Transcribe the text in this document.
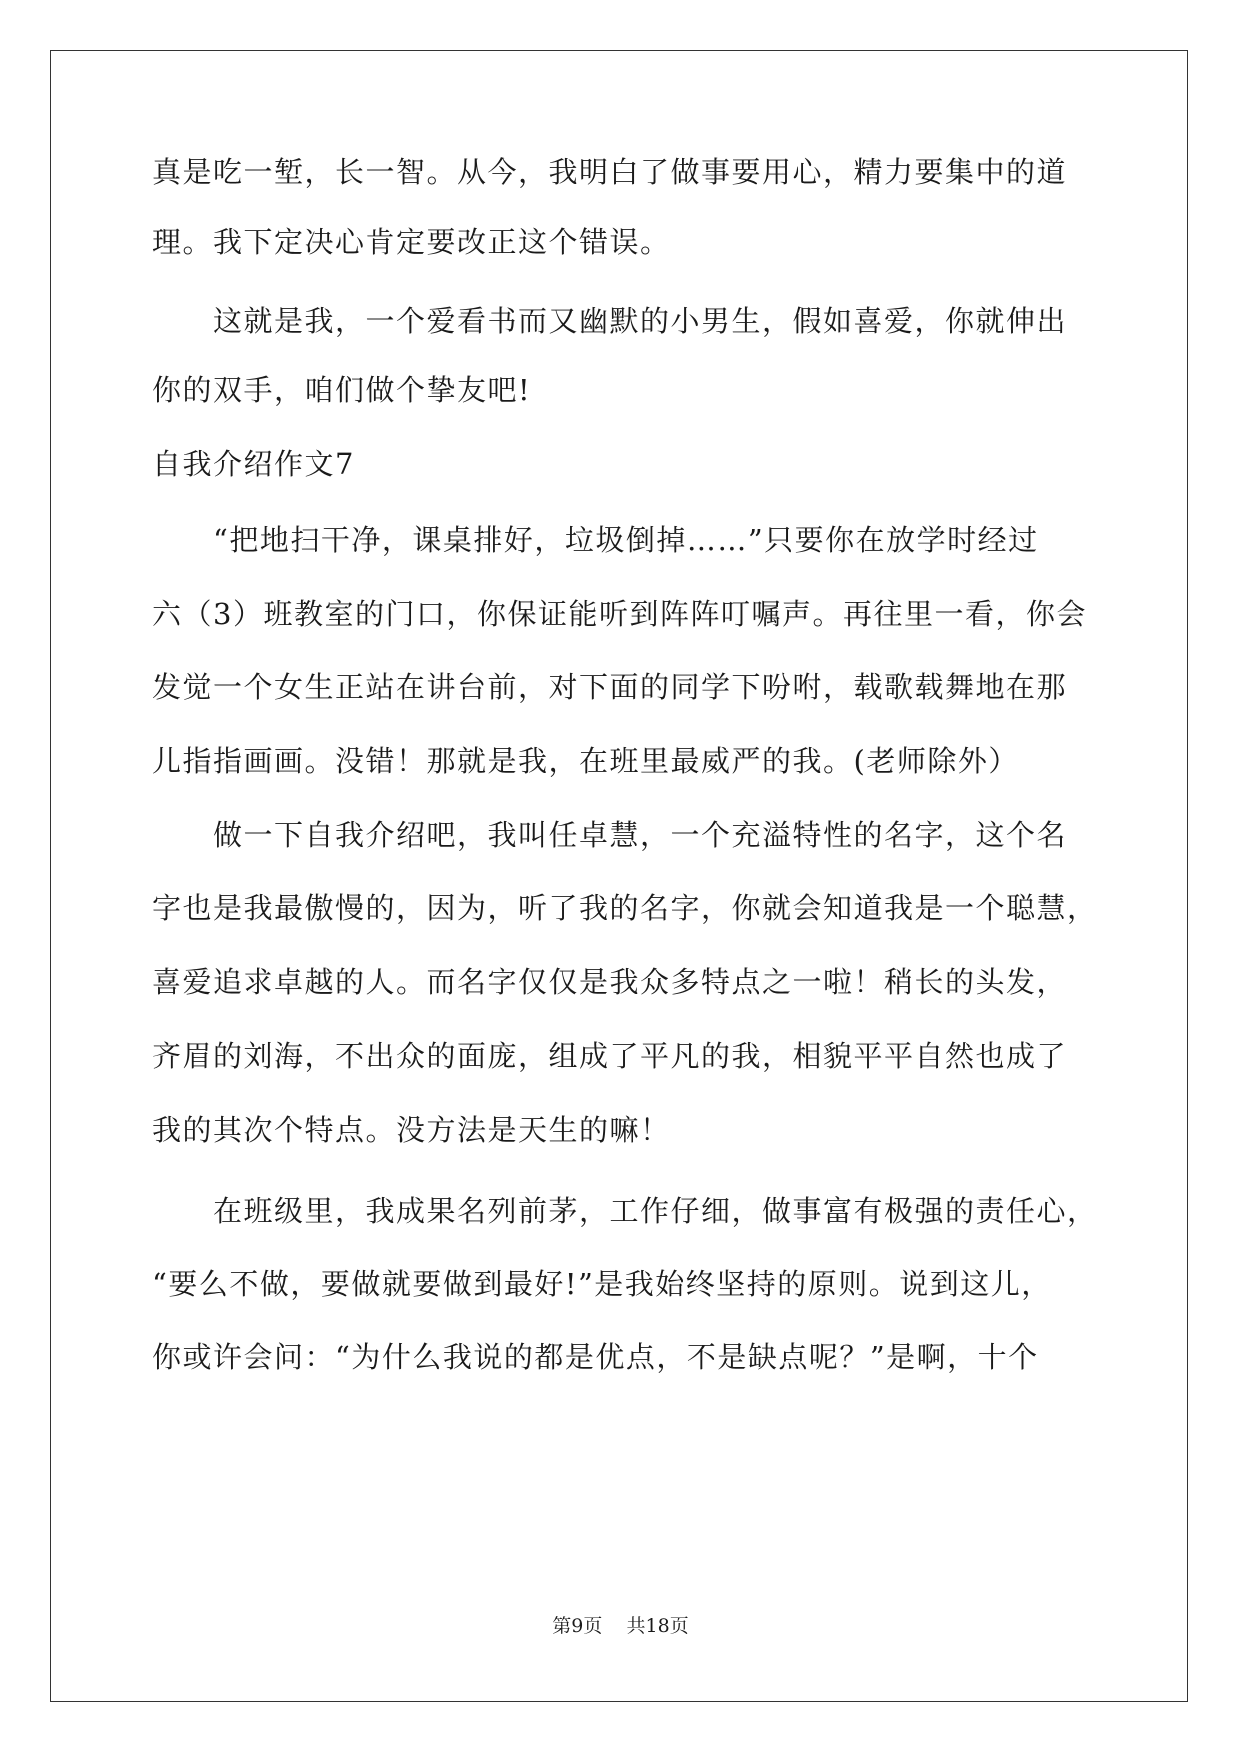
真是吃一堑，长一智。从今，我明白了做事要用心，精力要集中的道
理。我下定决心肯定要改正这个错误。
这就是我，一个爱看书而又幽默的小男生，假如喜爱，你就伸出
你的双手，咱们做个挚友吧!
自我介绍作文7
“把地扫干净，课桌排好，垃圾倒掉……”只要你在放学时经过
六（3）班教室的门口，你保证能听到阵阵叮嘱声。再往里一看，你会
发觉一个女生正站在讲台前，对下面的同学下吩咐，载歌载舞地在那
儿指指画画。没错！那就是我，在班里最威严的我。(老师除外）
做一下自我介绍吧，我叫任卓慧，一个充溢特性的名字，这个名
字也是我最傲慢的，因为，听了我的名字，你就会知道我是一个聪慧，
喜爱追求卓越的人。而名字仅仅是我众多特点之一啦！稍长的头发，
齐眉的刘海，不出众的面庞，组成了平凡的我，相貌平平自然也成了
我的其次个特点。没方法是天生的嘛！
在班级里，我成果名列前茅，工作仔细，做事富有极强的责任心，
“要么不做，要做就要做到最好!”是我始终坚持的原则。说到这儿，
你或许会问：“为什么我说的都是优点，不是缺点呢？”是啊，十个
第9页    共18页
